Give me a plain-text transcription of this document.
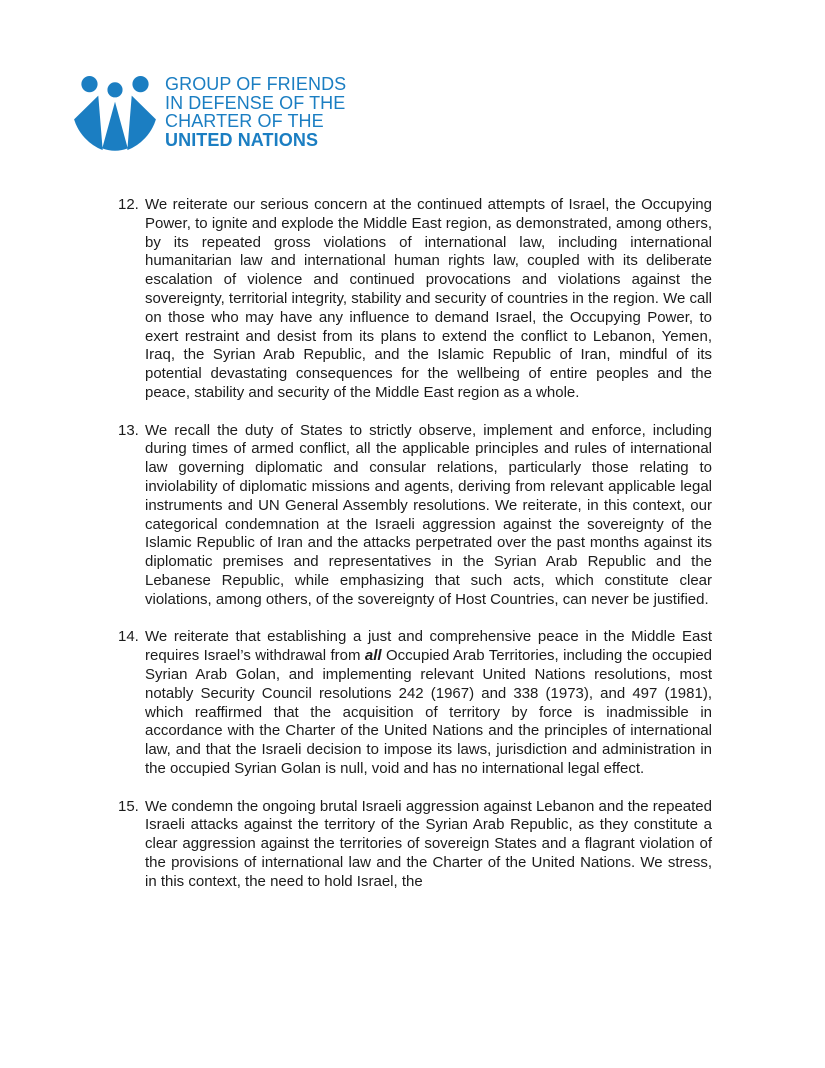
GROUP OF FRIENDS
IN DEFENSE OF THE
CHARTER OF THE
UNITED NATIONS
12. We reiterate our serious concern at the continued attempts of Israel, the Occupying Power, to ignite and explode the Middle East region, as demonstrated, among others, by its repeated gross violations of international law, including international humanitarian law and international human rights law, coupled with its deliberate escalation of violence and continued provocations and violations against the sovereignty, territorial integrity, stability and security of countries in the region. We call on those who may have any influence to demand Israel, the Occupying Power, to exert restraint and desist from its plans to extend the conflict to Lebanon, Yemen, Iraq, the Syrian Arab Republic, and the Islamic Republic of Iran, mindful of its potential devastating consequences for the wellbeing of entire peoples and the peace, stability and security of the Middle East region as a whole.
13. We recall the duty of States to strictly observe, implement and enforce, including during times of armed conflict, all the applicable principles and rules of international law governing diplomatic and consular relations, particularly those relating to inviolability of diplomatic missions and agents, deriving from relevant applicable legal instruments and UN General Assembly resolutions. We reiterate, in this context, our categorical condemnation at the Israeli aggression against the sovereignty of the Islamic Republic of Iran and the attacks perpetrated over the past months against its diplomatic premises and representatives in the Syrian Arab Republic and the Lebanese Republic, while emphasizing that such acts, which constitute clear violations, among others, of the sovereignty of Host Countries, can never be justified.
14. We reiterate that establishing a just and comprehensive peace in the Middle East requires Israel’s withdrawal from all Occupied Arab Territories, including the occupied Syrian Arab Golan, and implementing relevant United Nations resolutions, most notably Security Council resolutions 242 (1967) and 338 (1973), and 497 (1981), which reaffirmed that the acquisition of territory by force is inadmissible in accordance with the Charter of the United Nations and the principles of international law, and that the Israeli decision to impose its laws, jurisdiction and administration in the occupied Syrian Golan is null, void and has no international legal effect.
15. We condemn the ongoing brutal Israeli aggression against Lebanon and the repeated Israeli attacks against the territory of the Syrian Arab Republic, as they constitute a clear aggression against the territories of sovereign States and a flagrant violation of the provisions of international law and the Charter of the United Nations. We stress, in this context, the need to hold Israel, the
